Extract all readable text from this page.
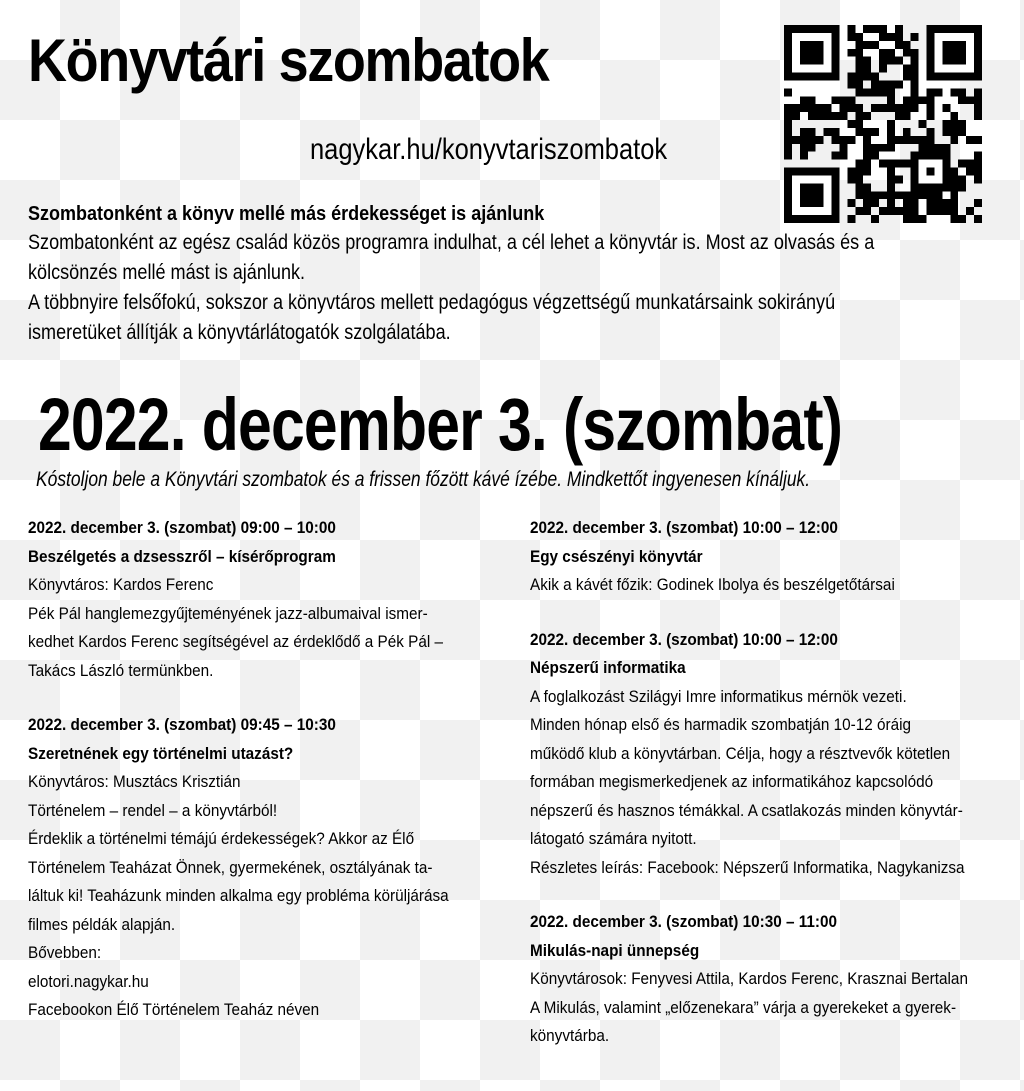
Könyvtári szombatok
nagykar.hu/konyvtariszombatok
Szombatonként a könyv mellé más érdekességet is ajánlunk

Szombatonként az egész család közös programra indulhat, a cél lehet a könyvtár is. Most az olvasás és a

kölcsönzés mellé mást is ajánlunk.

A többnyire felsőfokú, sokszor a könyvtáros mellett pedagógus végzettségű munkatársaink sokirányú

ismeretüket állítják a könyvtárlátogatók szolgálatába.

2022. december 3. (szombat)
Kóstoljon bele a Könyvtári szombatok és a frissen főzött kávé ízébe. Mindkettőt ingyenesen kínáljuk.
2022. december 3. (szombat) 09:00 – 10:00
Beszélgetés a dzsesszről – kísérőprogram
Könyvtáros: Kardos Ferenc
Pék Pál hanglemezgyűjteményének jazz-albumaival ismer-
kedhet Kardos Ferenc segítségével az érdeklődő a Pék Pál –
Takács László termünkben.
2022. december 3. (szombat) 09:45 – 10:30
Szeretnének egy történelmi utazást?
Könyvtáros: Musztács Krisztián
Történelem – rendel – a könyvtárból!
Érdeklik a történelmi témájú érdekességek? Akkor az Élő
Történelem Teaházat Önnek, gyermekének, osztályának ta-
láltuk ki! Teaházunk minden alkalma egy probléma körüljárása
filmes példák alapján.
Bővebben:
elotori.nagykar.hu
Facebookon Élő Történelem Teaház néven
2022. december 3. (szombat) 10:00 – 12:00
Egy csészényi könyvtár
Akik a kávét főzik: Godinek Ibolya és beszélgetőtársai
2022. december 3. (szombat) 10:00 – 12:00
Népszerű informatika
A foglalkozást Szilágyi Imre informatikus mérnök vezeti.
Minden hónap első és harmadik szombatján 10-12 óráig
működő klub a könyvtárban. Célja, hogy a résztvevők kötetlen
formában megismerkedjenek az informatikához kapcsolódó
népszerű és hasznos témákkal. A csatlakozás minden könyvtár-
látogató számára nyitott.
Részletes leírás: Facebook: Népszerű Informatika, Nagykanizsa
2022. december 3. (szombat) 10:30 – 11:00
Mikulás-napi ünnepség
Könyvtárosok: Fenyvesi Attila, Kardos Ferenc, Krasznai Bertalan
A Mikulás, valamint „előzenekara” várja a gyerekeket a gyerek-
könyvtárba.
